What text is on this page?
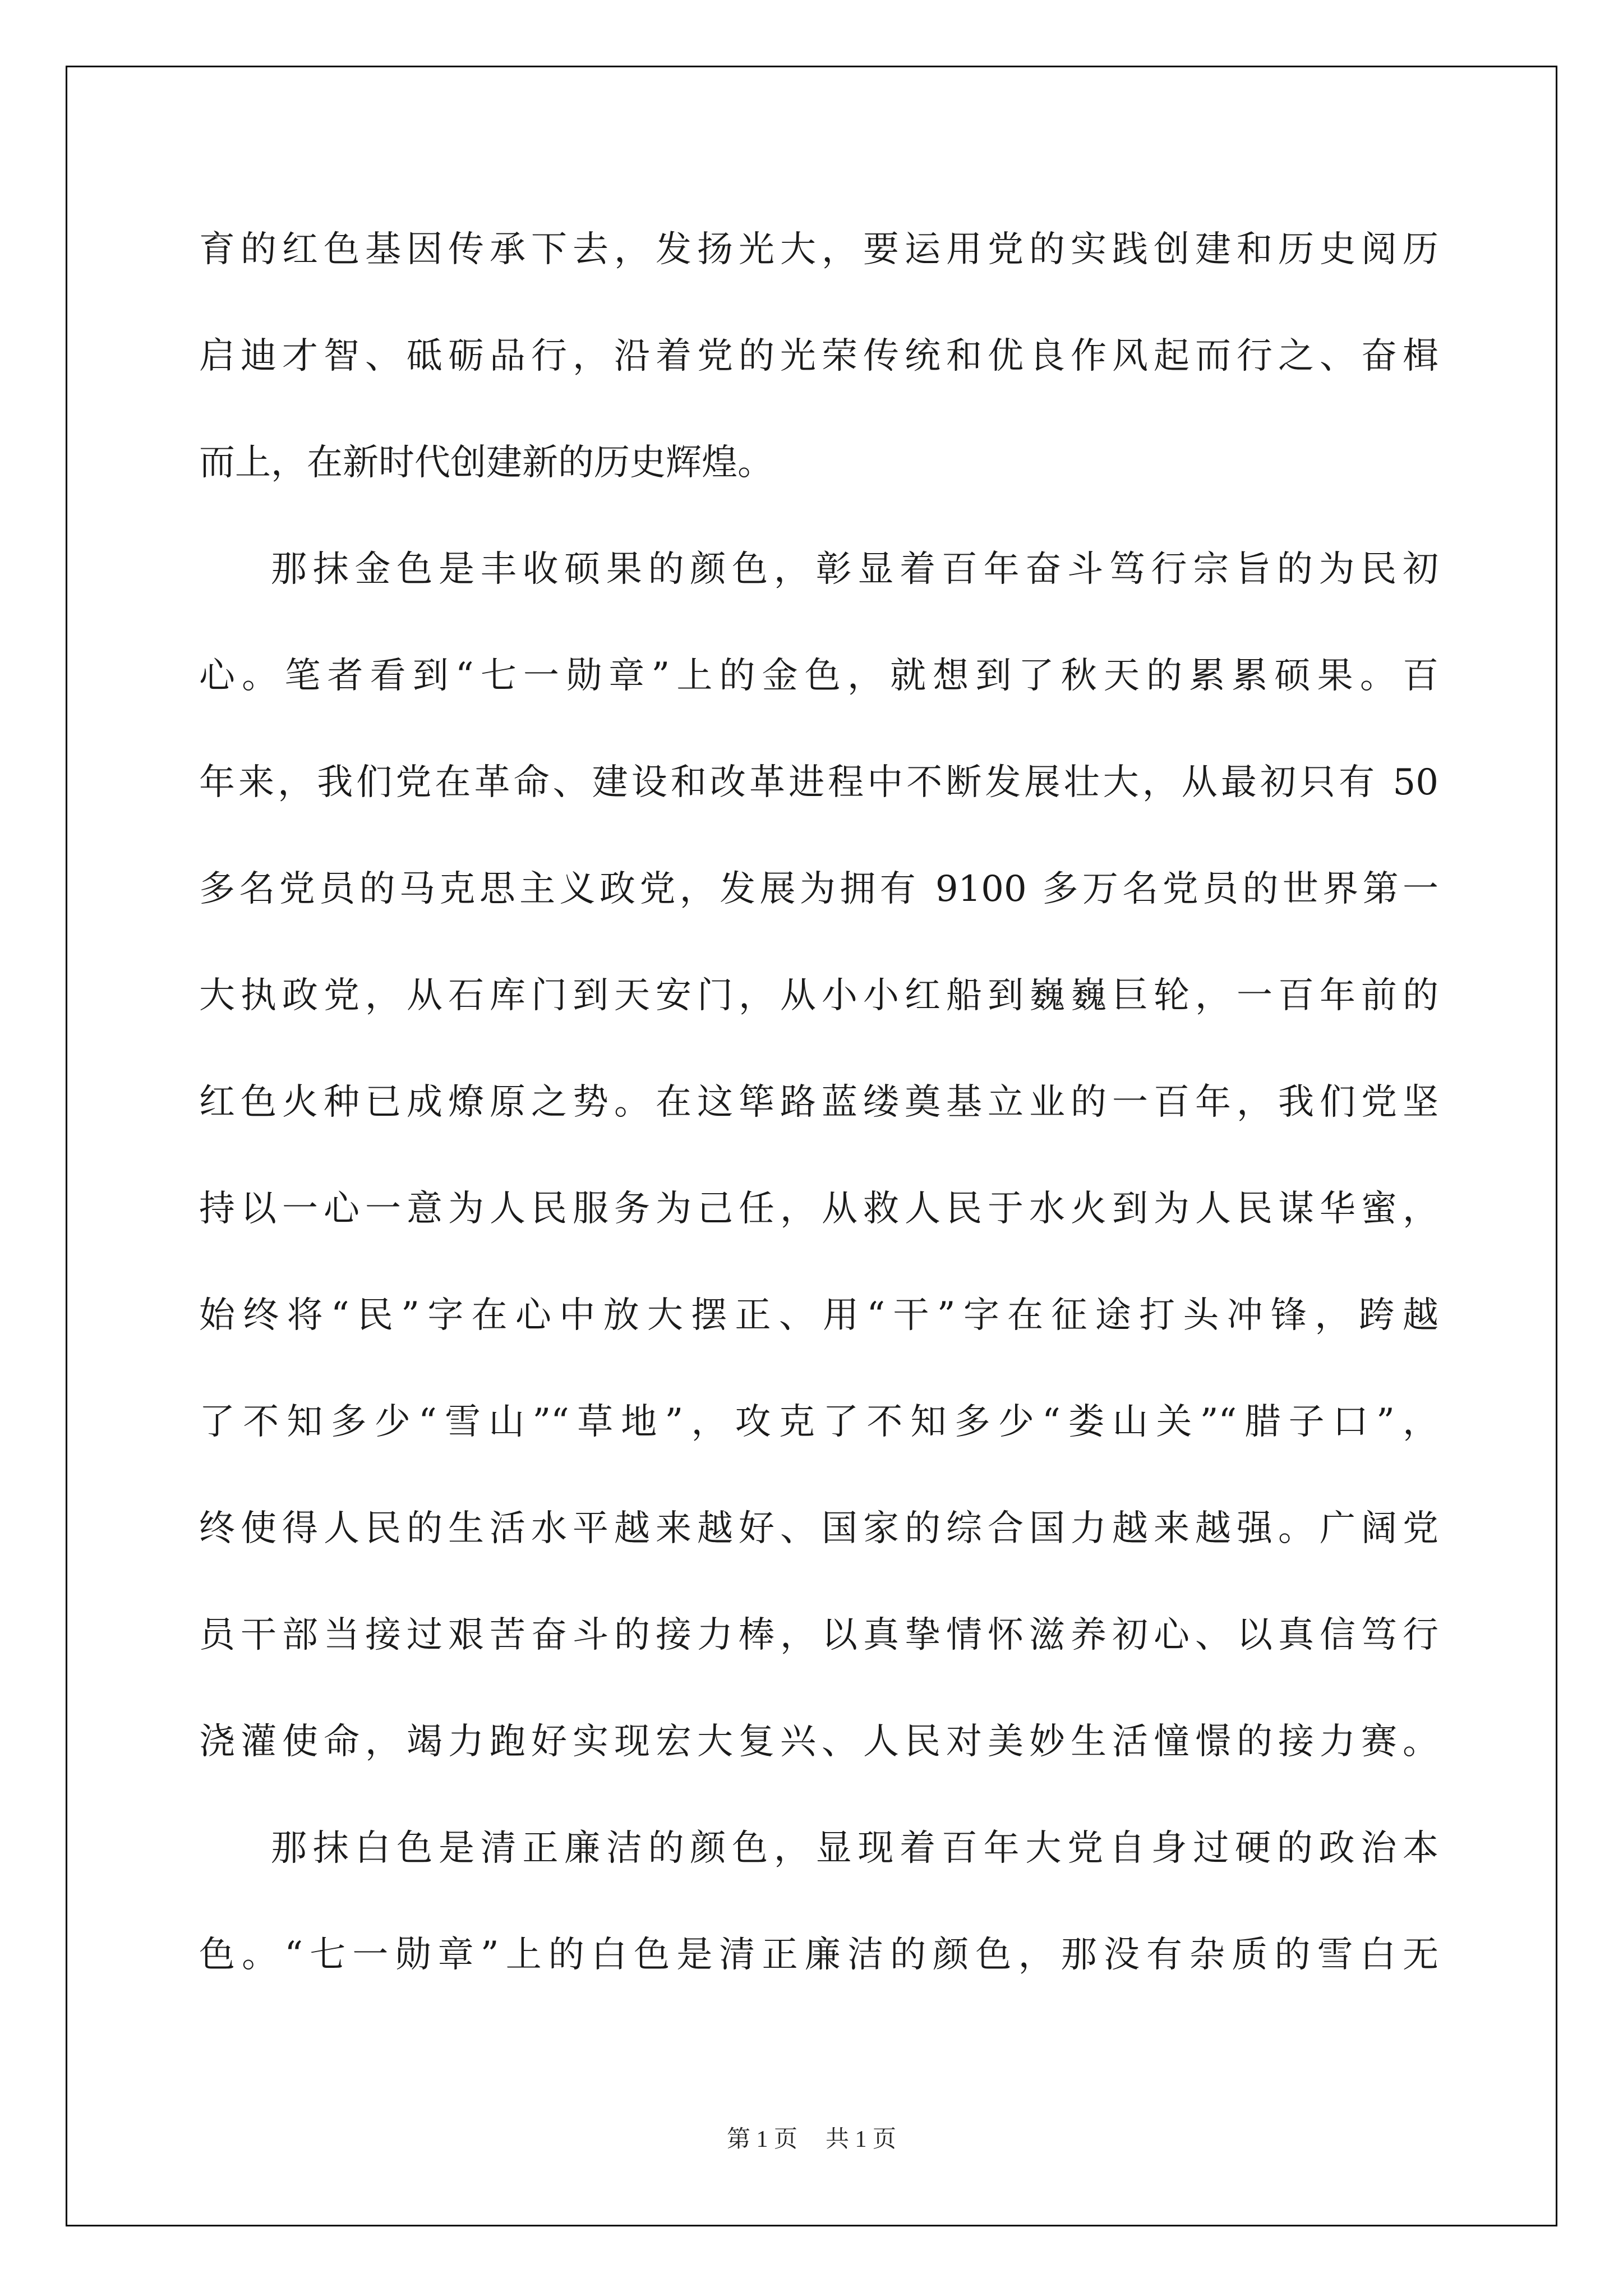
育的红色基因传承下去，发扬光大，要运用党的实践创建和历史阅历
启迪才智、砥砺品行，沿着党的光荣传统和优良作风起而行之、奋楫
而上，在新时代创建新的历史辉煌。
那抹金色是丰收硕果的颜色，彰显着百年奋斗笃行宗旨的为民初
心。笔者看到“七一勋章”上的金色，就想到了秋天的累累硕果。百
年来，我们党在革命、建设和改革进程中不断发展壮大，从最初只有 50
多名党员的马克思主义政党，发展为拥有 9100 多万名党员的世界第一
大执政党，从石库门到天安门，从小小红船到巍巍巨轮，一百年前的
红色火种已成燎原之势。在这筚路蓝缕奠基立业的一百年，我们党坚
持以一心一意为人民服务为己任，从救人民于水火到为人民谋华蜜，
始终将“民”字在心中放大摆正、用“干”字在征途打头冲锋，跨越
了不知多少“雪山”“草地”，攻克了不知多少“娄山关”“腊子口”，
终使得人民的生活水平越来越好、国家的综合国力越来越强。广阔党
员干部当接过艰苦奋斗的接力棒，以真挚情怀滋养初心、以真信笃行
浇灌使命，竭力跑好实现宏大复兴、人民对美妙生活憧憬的接力赛。
那抹白色是清正廉洁的颜色，显现着百年大党自身过硬的政治本
色。“七一勋章”上的白色是清正廉洁的颜色，那没有杂质的雪白无
第 1 页 共 1 页
